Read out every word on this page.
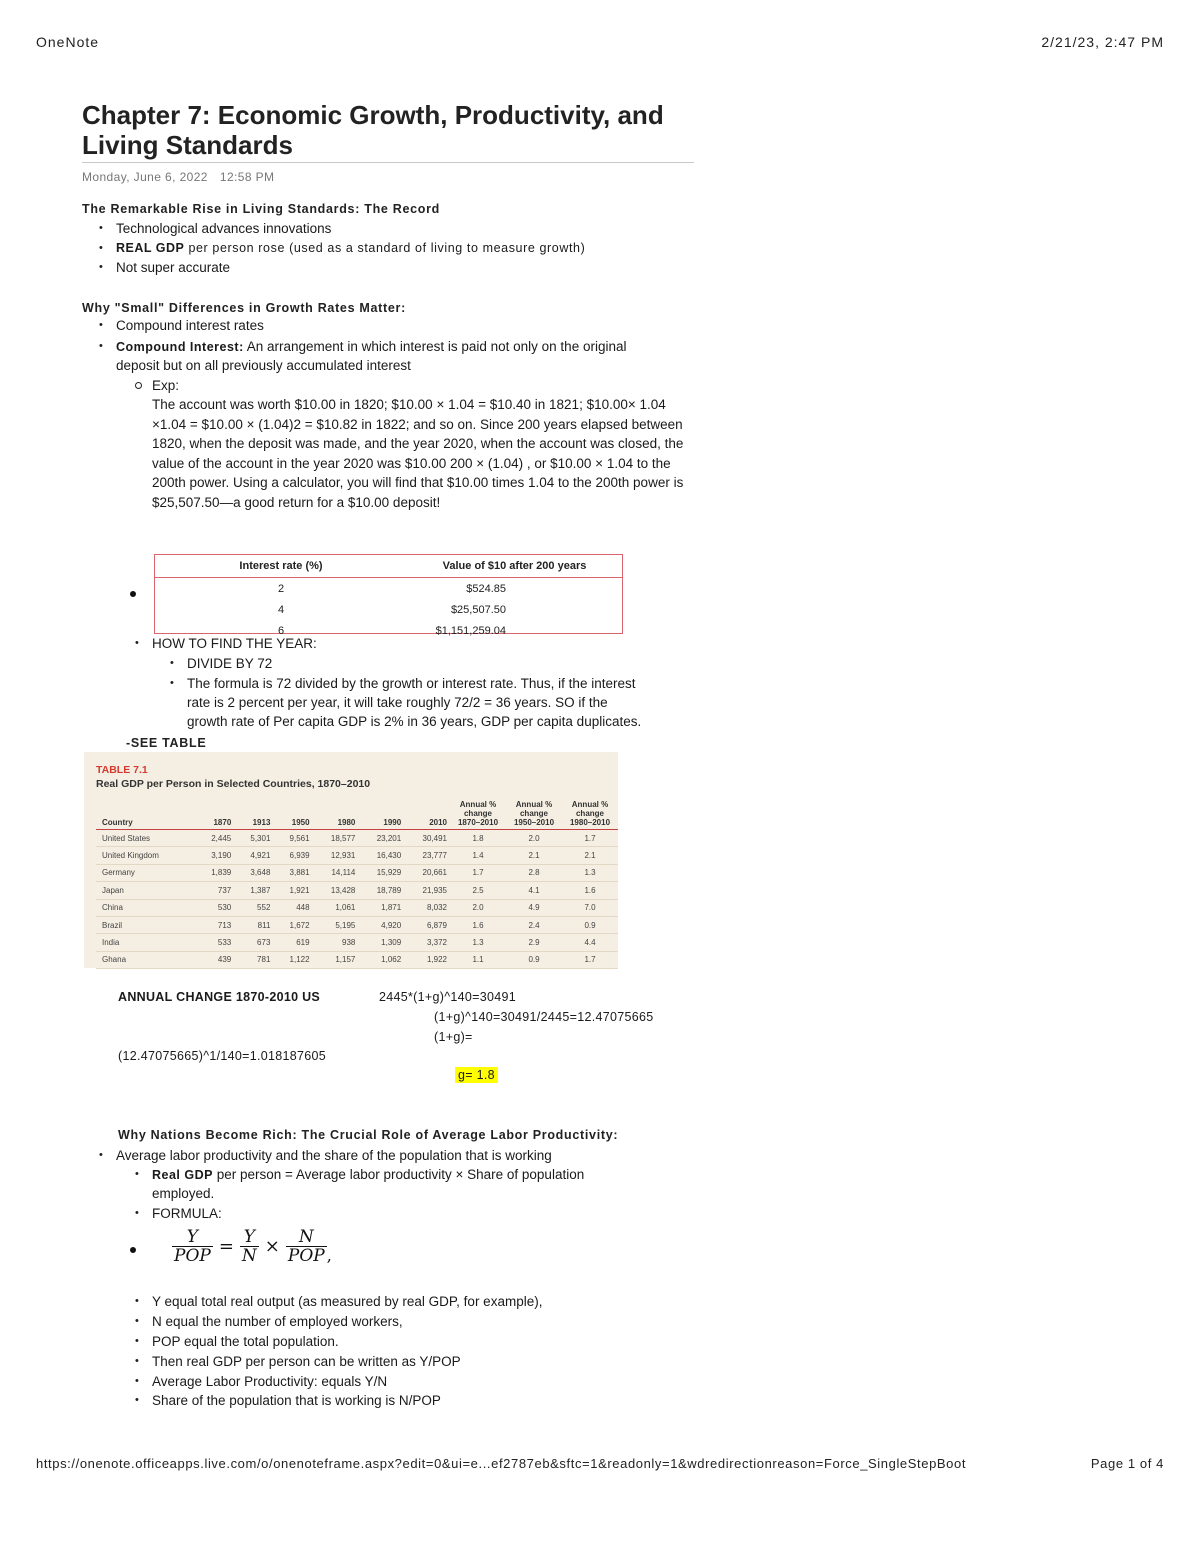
OneNote	2/21/23, 2:47 PM
Chapter 7: Economic Growth, Productivity, and Living Standards
Monday, June 6, 2022 12:58 PM
The Remarkable Rise in Living Standards: The Record
• Technological advances innovations
• REAL GDP per person rose (used as a standard of living to measure growth)
• Not super accurate
Why "Small" Differences in Growth Rates Matter:
• Compound interest rates
• Compound Interest: An arrangement in which interest is paid not only on the original
deposit but on all previously accumulated interest
Exp:
The account was worth $10.00 in 1820; $10.00 × 1.04 = $10.40 in 1821; $10.00× 1.04 ×1.04 = $10.00 × (1.04)2 = $10.82 in 1822; and so on. Since 200 years elapsed between 1820, when the deposit was made, and the year 2020, when the account was closed, the value of the account in the year 2020 was $10.00 200 × (1.04) , or $10.00 × 1.04 to the 200th power. Using a calculator, you will find that $10.00 times 1.04 to the 200th power is $25,507.50—a good return for a $10.00 deposit!
Interest rate (%)	Value of $10 after 200 years
2	$524.85
4	$25,507.50
6	$1,151,259.04
• HOW TO FIND THE YEAR:
• DIVIDE BY 72
• The formula is 72 divided by the growth or interest rate. Thus, if the interest
rate is 2 percent per year, it will take roughly 72/2 = 36 years. SO if the
growth rate of Per capita GDP is 2% in 36 years, GDP per capita duplicates.
-SEE TABLE
TABLE 7.1
Real GDP per Person in Selected Countries, 1870–2010
Country	1870	1913	1950	1980	1990	2010	Annual % change 1870–2010	Annual % change 1950–2010	Annual % change 1980–2010
United States	2,445	5,301	9,561	18,577	23,201	30,491	1.8	2.0	1.7
United Kingdom	3,190	4,921	6,939	12,931	16,430	23,777	1.4	2.1	2.1
Germany	1,839	3,648	3,881	14,114	15,929	20,661	1.7	2.8	1.3
Japan	737	1,387	1,921	13,428	18,789	21,935	2.5	4.1	1.6
China	530	552	448	1,061	1,871	8,032	2.0	4.9	7.0
Brazil	713	811	1,672	5,195	4,920	6,879	1.6	2.4	0.9
India	533	673	619	938	1,309	3,372	1.3	2.9	4.4
Ghana	439	781	1,122	1,157	1,062	1,922	1.1	0.9	1.7
ANNUAL CHANGE 1870-2010 US	2445*(1+g)^140=30491
(1+g)^140=30491/2445=12.47075665
(1+g)=
(12.47075665)^1/140=1.018187605
g= 1.8
Why Nations Become Rich: The Crucial Role of Average Labor Productivity:
• Average labor productivity and the share of the population that is working
• Real GDP per person = Average labor productivity × Share of population
employed.
• FORMULA:
$\frac{Y}{\text{POP}} = \frac{Y}{N} \times \frac{N}{\text{POP}}$ ,
• Y equal total real output (as measured by real GDP, for example),
• N equal the number of employed workers,
• POP equal the total population.
• Then real GDP per person can be written as Y/POP
• Average Labor Productivity: equals Y/N
• Share of the population that is working is N/POP
https://onenote.officeapps.live.com/o/onenoteframe.aspx?edit=0&ui=e...ef2787eb&sftc=1&readonly=1&wdredirectionreason=Force_SingleStepBoot	Page 1 of 4
